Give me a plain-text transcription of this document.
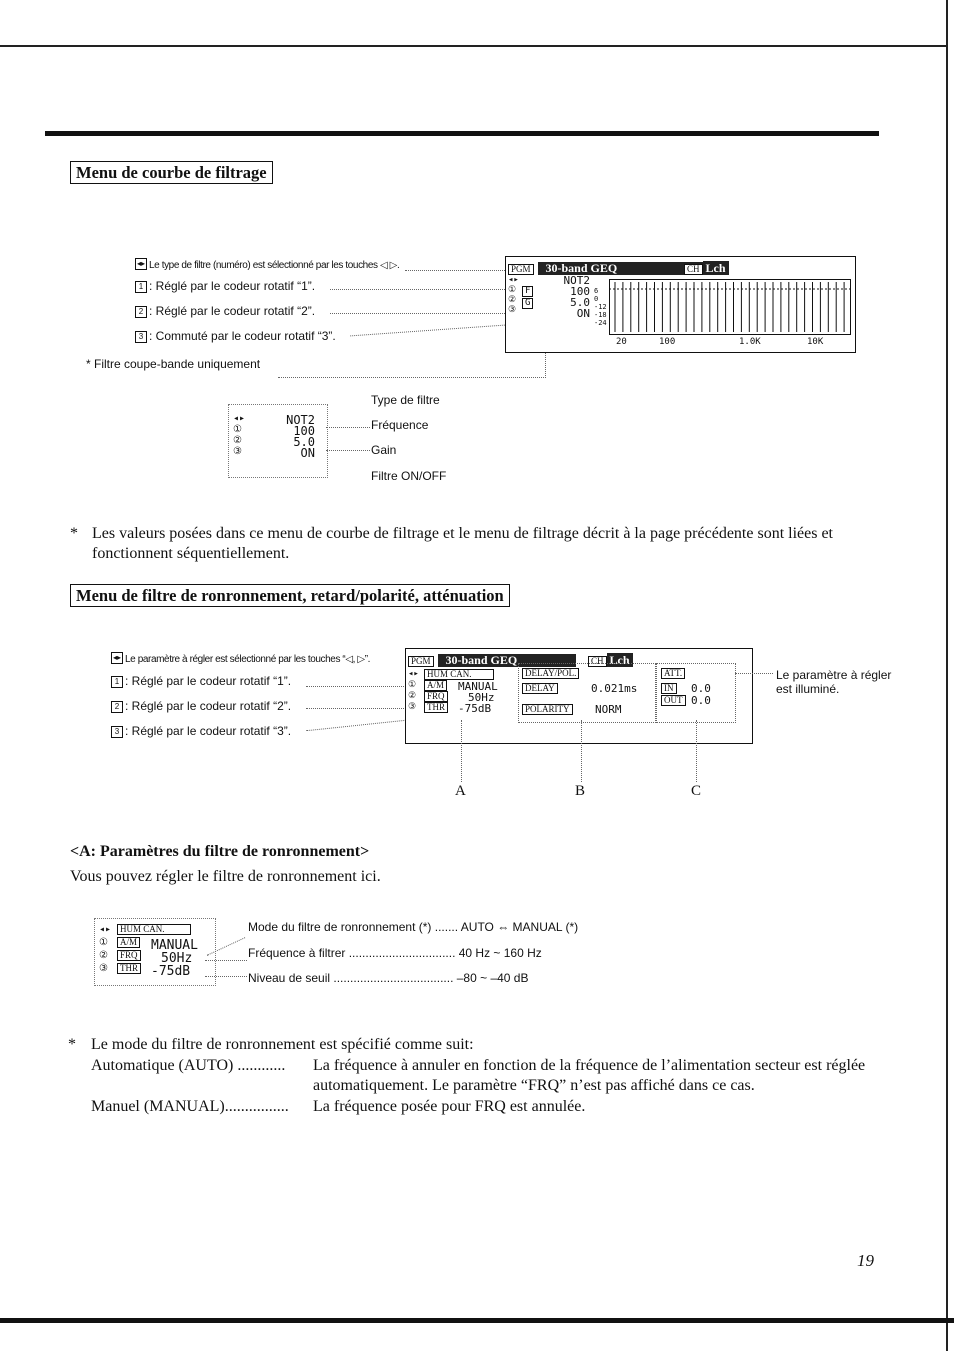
Menu de courbe de filtrage
◂▸ Le type de filtre (numéro) est sélectionné par les touches ◁ ▷.
1 : Réglé par le codeur rotatif “1”.
2 : Réglé par le codeur rotatif “2”.
3 : Commuté par le codeur rotatif “3”.
* Filtre coupe-bande uniquement
PGM 30-band GEQ	CH Lch
◂▸
①
②
③
F
G
NOT2
100
5.0
ON
6
0
-12
-18
-24
20	100	1.0K	10K
◂▸
①
②
③
NOT2
100
5.0
ON
Type de filtre
Fréquence
Gain
Filtre ON/OFF
* Les valeurs posées dans ce menu de courbe de filtrage et le menu de filtrage décrit à la page précédente sont liées et fonctionnent séquentiellement.
Menu de filtre de ronronnement, retard/polarité, atténuation
◂▸ Le paramètre à régler est sélectionné par les touches “◁, ▷”.
1 : Réglé par le codeur rotatif “1”.
2 : Réglé par le codeur rotatif “2”.
3 : Réglé par le codeur rotatif “3”.
PGM 30-band GEQ	CH Lch
◂▸
①
②
③
HUM CAN.
A/M
FRQ
THR
MANUAL
50Hz
-75dB
DELAY/POL.
DELAY	0.021ms
POLARITY NORM
ATT.
IN 0.0
OUT 0.0
Le paramètre à régler est illuminé.
A	B	C
<A: Paramètres du filtre de ronronnement>
Vous pouvez régler le filtre de ronronnement ici.
◂▸
①
②
③
HUM CAN.
A/M
FRQ
THR
MANUAL
50Hz
-75dB
Mode du filtre de ronronnement (*) ....... AUTO ⇔ MANUAL (*)
Fréquence à filtrer ................................ 40 Hz ~ 160 Hz
Niveau de seuil .................................... –80 ~ –40 dB
* Le mode du filtre de ronronnement est spécifié comme suit:
Automatique (AUTO) ............ La fréquence à annuler en fonction de la fréquence de l’alimentation secteur est réglée automatiquement. Le paramètre “FRQ” n’est pas affiché dans ce cas.
Manuel (MANUAL)................ La fréquence posée pour FRQ est annulée.
19
